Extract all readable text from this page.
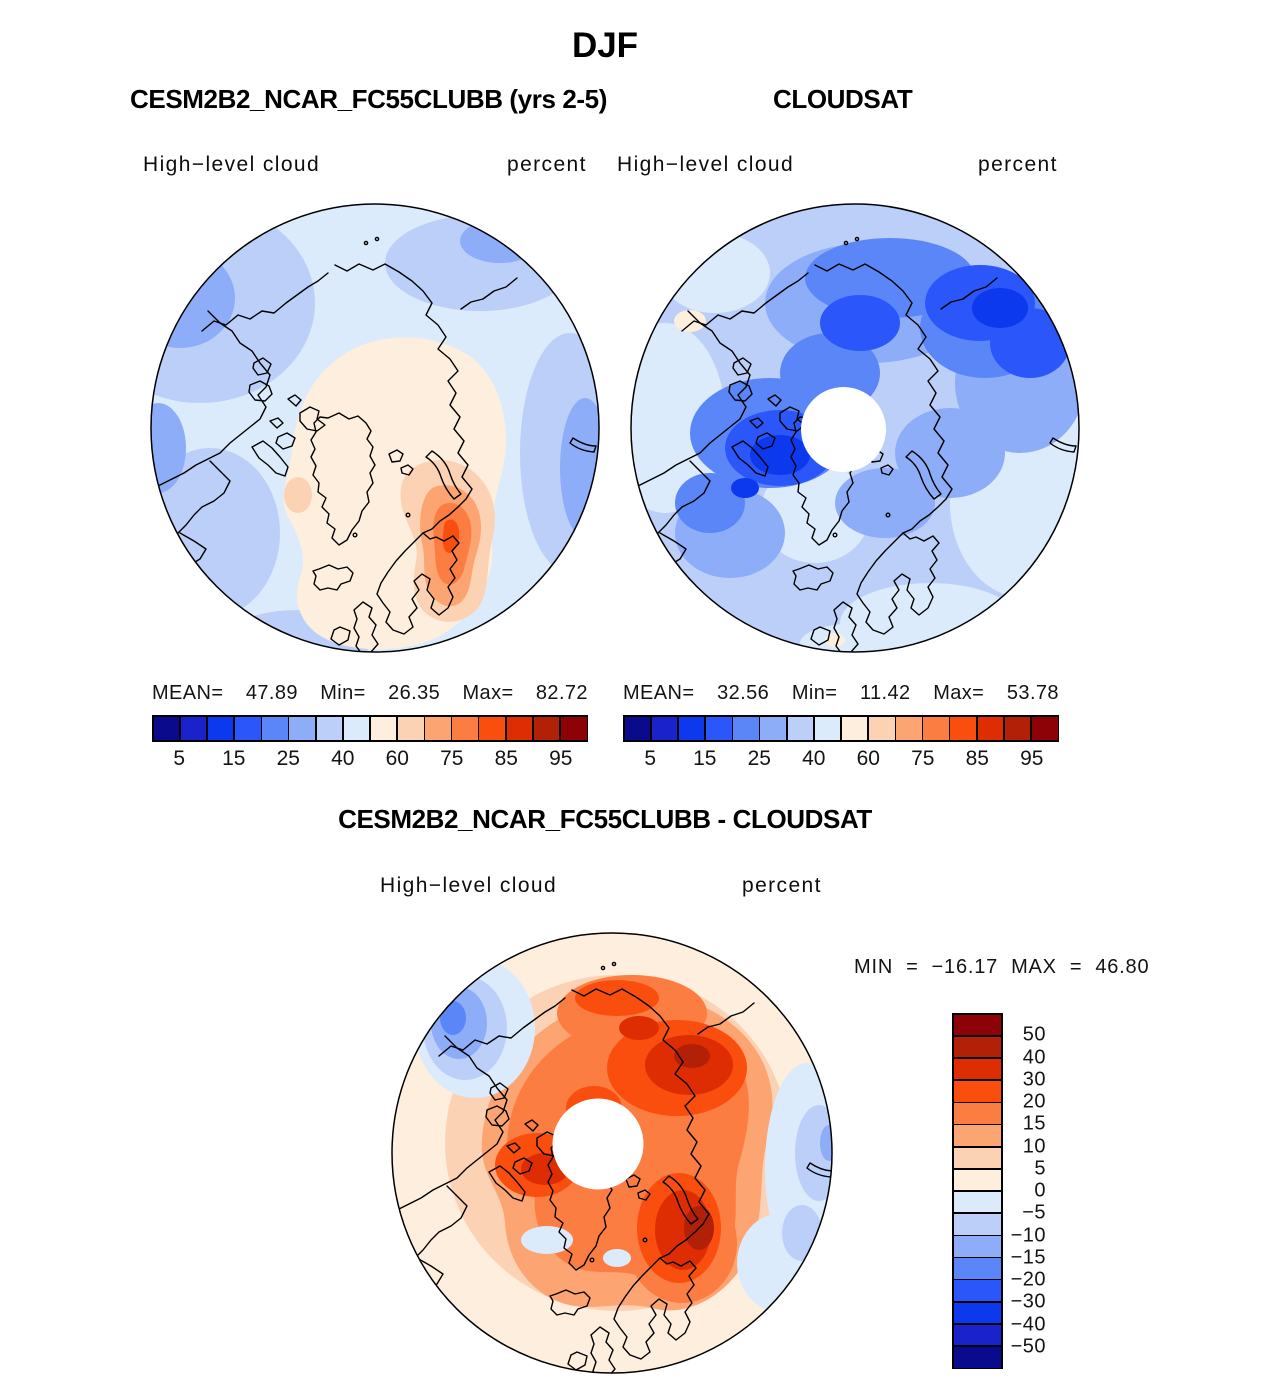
DJF
CESM2B2_NCAR_FC55CLUBB (yrs 2-5)	CLOUDSAT
High−level cloud	percent High−level cloud	percent
MEAN= 47.89 Min= 26.35 Max= 82.72 MEAN= 32.56 Min= 11.42 Max= 53.78
5 15 25 40 60 75 85 95	5 15 25 40 60 75 85 95
CESM2B2_NCAR_FC55CLUBB - CLOUDSAT
High−level cloud	percent
MIN = −16.17 MAX = 46.80
50
40
30
20
15
10
5
0
−5
−10
−15
−20
−30
−40
−50
